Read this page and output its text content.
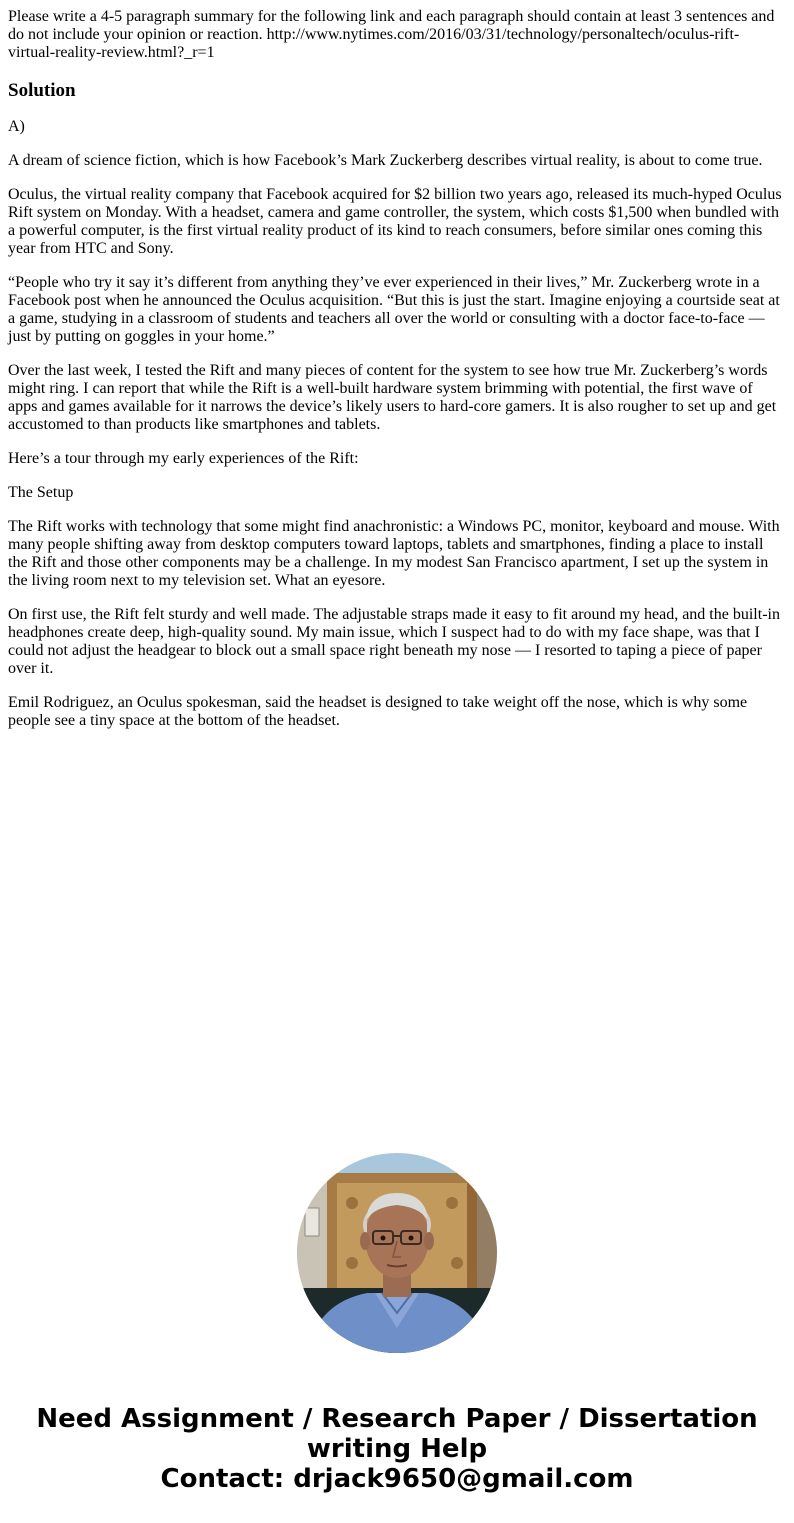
Please write a 4-5 paragraph summary for the following link and each paragraph should contain at least 3 sentences and do not include your opinion or reaction. http://www.nytimes.com/2016/03/31/technology/personaltech/oculus-rift-virtual-reality-review.html?_r=1
Solution

A)

A dream of science fiction, which is how Facebook’s Mark Zuckerberg describes virtual reality, is about to come true.

Oculus, the virtual reality company that Facebook acquired for $2 billion two years ago, released its much-hyped Oculus Rift system on Monday. With a headset, camera and game controller, the system, which costs $1,500 when bundled with a powerful computer, is the first virtual reality product of its kind to reach consumers, before similar ones coming this year from HTC and Sony.

“People who try it say it’s different from anything they’ve ever experienced in their lives,” Mr. Zuckerberg wrote in a Facebook post when he announced the Oculus acquisition. “But this is just the start. Imagine enjoying a courtside seat at a game, studying in a classroom of students and teachers all over the world or consulting with a doctor face-to-face — just by putting on goggles in your home.”

Over the last week, I tested the Rift and many pieces of content for the system to see how true Mr. Zuckerberg’s words might ring. I can report that while the Rift is a well-built hardware system brimming with potential, the first wave of apps and games available for it narrows the device’s likely users to hard-core gamers. It is also rougher to set up and get accustomed to than products like smartphones and tablets.

Here’s a tour through my early experiences of the Rift:

The Setup

The Rift works with technology that some might find anachronistic: a Windows PC, monitor, keyboard and mouse. With many people shifting away from desktop computers toward laptops, tablets and smartphones, finding a place to install the Rift and those other components may be a challenge. In my modest San Francisco apartment, I set up the system in the living room next to my television set. What an eyesore.

On first use, the Rift felt sturdy and well made. The adjustable straps made it easy to fit around my head, and the built-in headphones create deep, high-quality sound. My main issue, which I suspect had to do with my face shape, was that I could not adjust the headgear to block out a small space right beneath my nose — I resorted to taping a piece of paper over it.

Emil Rodriguez, an Oculus spokesman, said the headset is designed to take weight off the nose, which is why some people see a tiny space at the bottom of the headset.

Need Assignment / Research Paper / Dissertation
writing Help
Contact: drjack9650@gmail.com
